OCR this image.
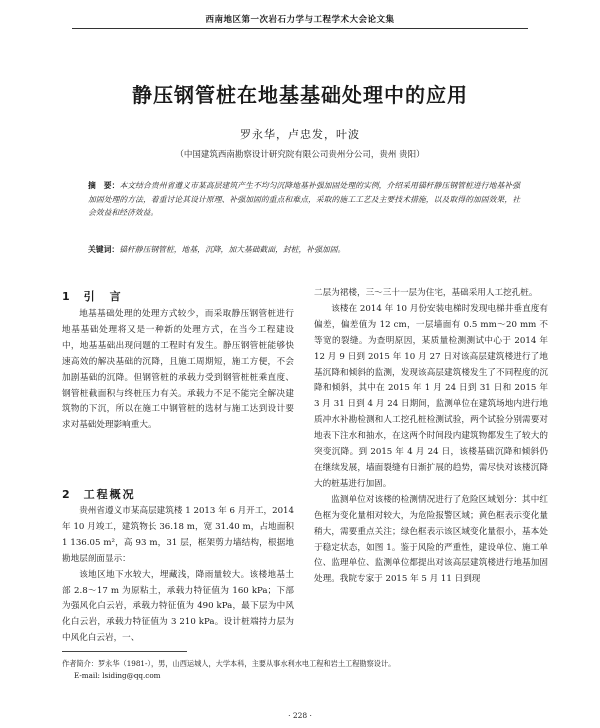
西南地区第一次岩石力学与工程学术大会论文集
静压钢管桩在地基基础处理中的应用
罗永华，卢忠发，叶波
（中国建筑西南勘察设计研究院有限公司贵州分公司，贵州 贵阳）
摘　要：本文结合贵州省遵义市某高层建筑产生不均匀沉降地基补强加固处理的实例，介绍采用锚杆静压钢管桩进行地基补强加固处理的方法，着重讨论其设计原理、补强加固的重点和难点，采取的施工工艺及主要技术措施，以及取得的加固效果，社会效益和经济效益。
关键词：锚杆静压钢管桩，地基，沉降，加大基础截面，封桩，补强加固。
1 引　言

地基基础处理的处理方式较少，而采取静压钢管桩进行地基基础处理将又是一种新的处理方式，在当今工程建设中，地基基础出现问题的工程时有发生。静压钢管桩能够快速高效的解决基础的沉降，且施工周期短，施工方便，不会加剧基础的沉降。但钢管桩的承载力受到钢管桩桩乘直度、钢管桩截面积与终桩压力有关。承载力不足不能完全解决建筑物的下沉，所以在施工中钢管桩的选材与施工达到设计要求对基础处理影响重大。

2 工程概况

贵州省遵义市某高层建筑楼 1 2013 年 6 月开工，2014 年 10 月竣工，建筑物长 36.18 m，宽 31.40 m，占地面积 1 136.05 m²，高 93 m，31 层，框架剪力墙结构，根据地勘地层剖面显示：

该地区地下水较大，埋藏浅，降雨量较大。该楼地基土部 2.8～17 m 为原粘土，承载力特征值为 160 kPa；下部为强风化白云岩，承载力特征值为 490 kPa，最下层为中风化白云岩，承载力特征值为 3 210 kPa。设计桩端持力层为中风化白云岩，一、

二层为裙楼，三～三十一层为住宅，基础采用人工挖孔桩。

该楼在 2014 年 10 月份安装电梯时发现电梯井垂直度有偏差，偏差值为 12 cm，一层墙面有 0.5 mm～20 mm 不等宽的裂缝。为查明原因，某质量检测测试中心于 2014 年 12 月 9 日到 2015 年 10 月 27 日对该高层建筑楼进行了地基沉降和倾斜的监测，发现该高层建筑楼发生了不同程度的沉降和倾斜，其中在 2015 年 1 月 24 日到 31 日和 2015 年 3 月 31 日到 4 月 24 日期间，监测单位在建筑场地内进行地质冲水补勘检测和人工挖孔桩检测试验，两个试验分别需要对地表下注水和抽水，在这两个时间段内建筑物都发生了较大的突变沉降。到 2015 年 4 月 24 日，该楼基础沉降和倾斜仍在继续发展，墙面裂缝有日渐扩展的趋势，需尽快对该楼沉降大的桩基进行加固。

监测单位对该楼的检测情况进行了危险区域划分：其中红色框为变化量相对较大，为危险报警区域；黄色框表示变化量稍大，需要重点关注；绿色框表示该区域变化量很小，基本处于稳定状态，如图 1。鉴于风险的严重性，建设单位、施工单位、监理单位、监测单位都提出对该高层建筑楼进行地基加固处理。我院专家于 2015 年 5 月 11 日到现

作者简介：罗永华（1981-），男，山西运城人，大学本科，主要从事水利水电工程和岩土工程勘察设计。
E-mail: lsiding@qq.com
· 228 ·
